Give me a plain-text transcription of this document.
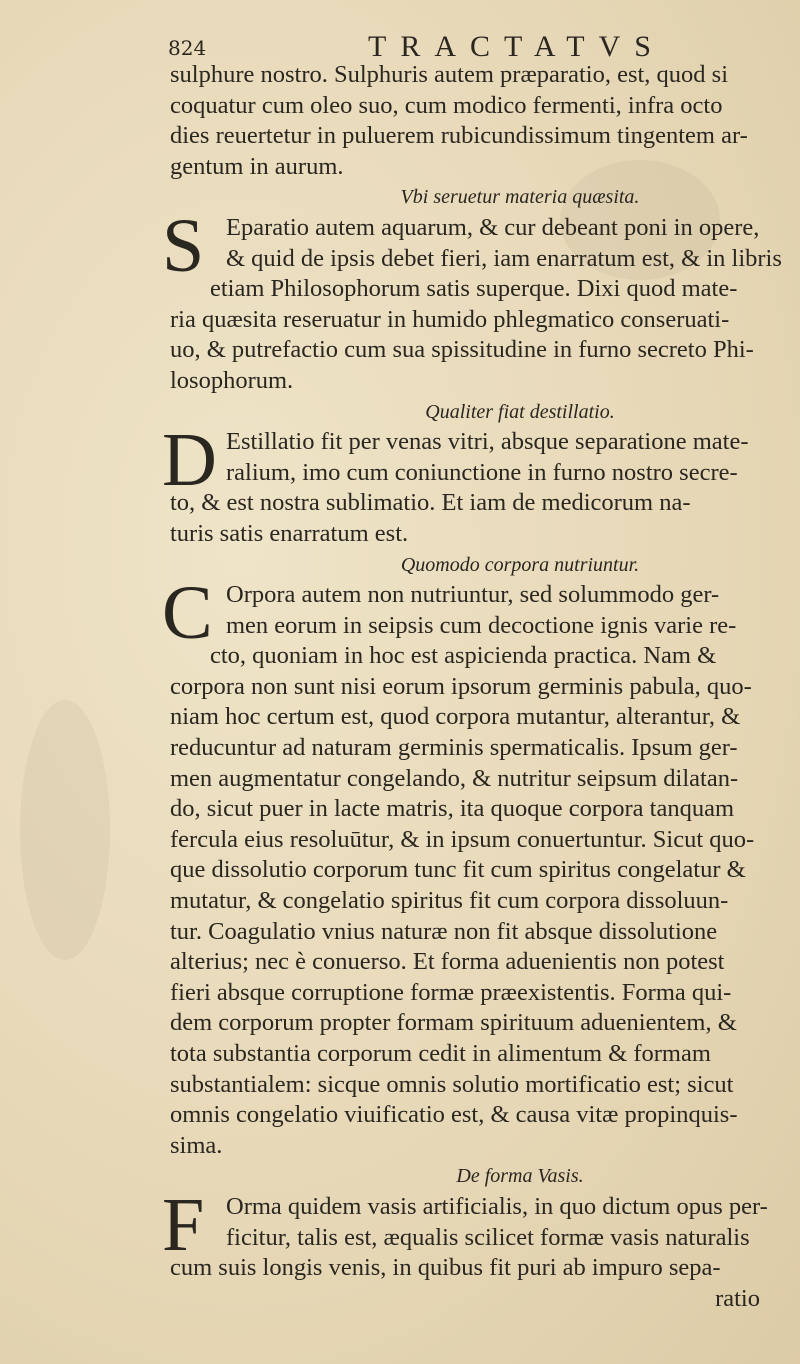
824	TRACTATVS
sulphure nostro. Sulphuris autem præparatio, est, quod si
coquatur cum oleo suo, cum modico fermenti, infra octo
dies reuertetur in puluerem rubicundissimum tingentem ar-
gentum in aurum.
Vbi seruetur materia quæsita.
S Eparatio autem aquarum, & cur debeant poni in opere,
& quid de ipsis debet fieri, iam enarratum est, & in libris
etiam Philosophorum satis superque. Dixi quod mate-
ria quæsita reseruatur in humido phlegmatico conseruati-
uo, & putrefactio cum sua spissitudine in furno secreto Phi-
losophorum.
Qualiter fiat destillatio.
D Estillatio fit per venas vitri, absque separatione mate-
ralium, imo cum coniunctione in furno nostro secre-
to, & est nostra sublimatio. Et iam de medicorum na-
turis satis enarratum est.
Quomodo corpora nutriuntur.
C Orpora autem non nutriuntur, sed solummodo ger-
men eorum in seipsis cum decoctione ignis varie re-
cto, quoniam in hoc est aspicienda practica. Nam &
corpora non sunt nisi eorum ipsorum germinis pabula, quo-
niam hoc certum est, quod corpora mutantur, alterantur, &
reducuntur ad naturam germinis spermaticalis. Ipsum ger-
men augmentatur congelando, & nutritur seipsum dilatan-
do, sicut puer in lacte matris, ita quoque corpora tanquam
fercula eius resoluūtur, & in ipsum conuertuntur. Sicut quo-
que dissolutio corporum tunc fit cum spiritus congelatur &
mutatur, & congelatio spiritus fit cum corpora dissoluun-
tur. Coagulatio vnius naturæ non fit absque dissolutione
alterius; nec è conuerso. Et forma aduenientis non potest
fieri absque corruptione formæ præexistentis. Forma qui-
dem corporum propter formam spirituum aduenientem, &
tota substantia corporum cedit in alimentum & formam
substantialem: sicque omnis solutio mortificatio est; sicut
omnis congelatio viuificatio est, & causa vitæ propinquis-
sima.
De forma Vasis.
F Orma quidem vasis artificialis, in quo dictum opus per-
ficitur, talis est, æqualis scilicet formæ vasis naturalis
cum suis longis venis, in quibus fit puri ab impuro sepa-
ratio
